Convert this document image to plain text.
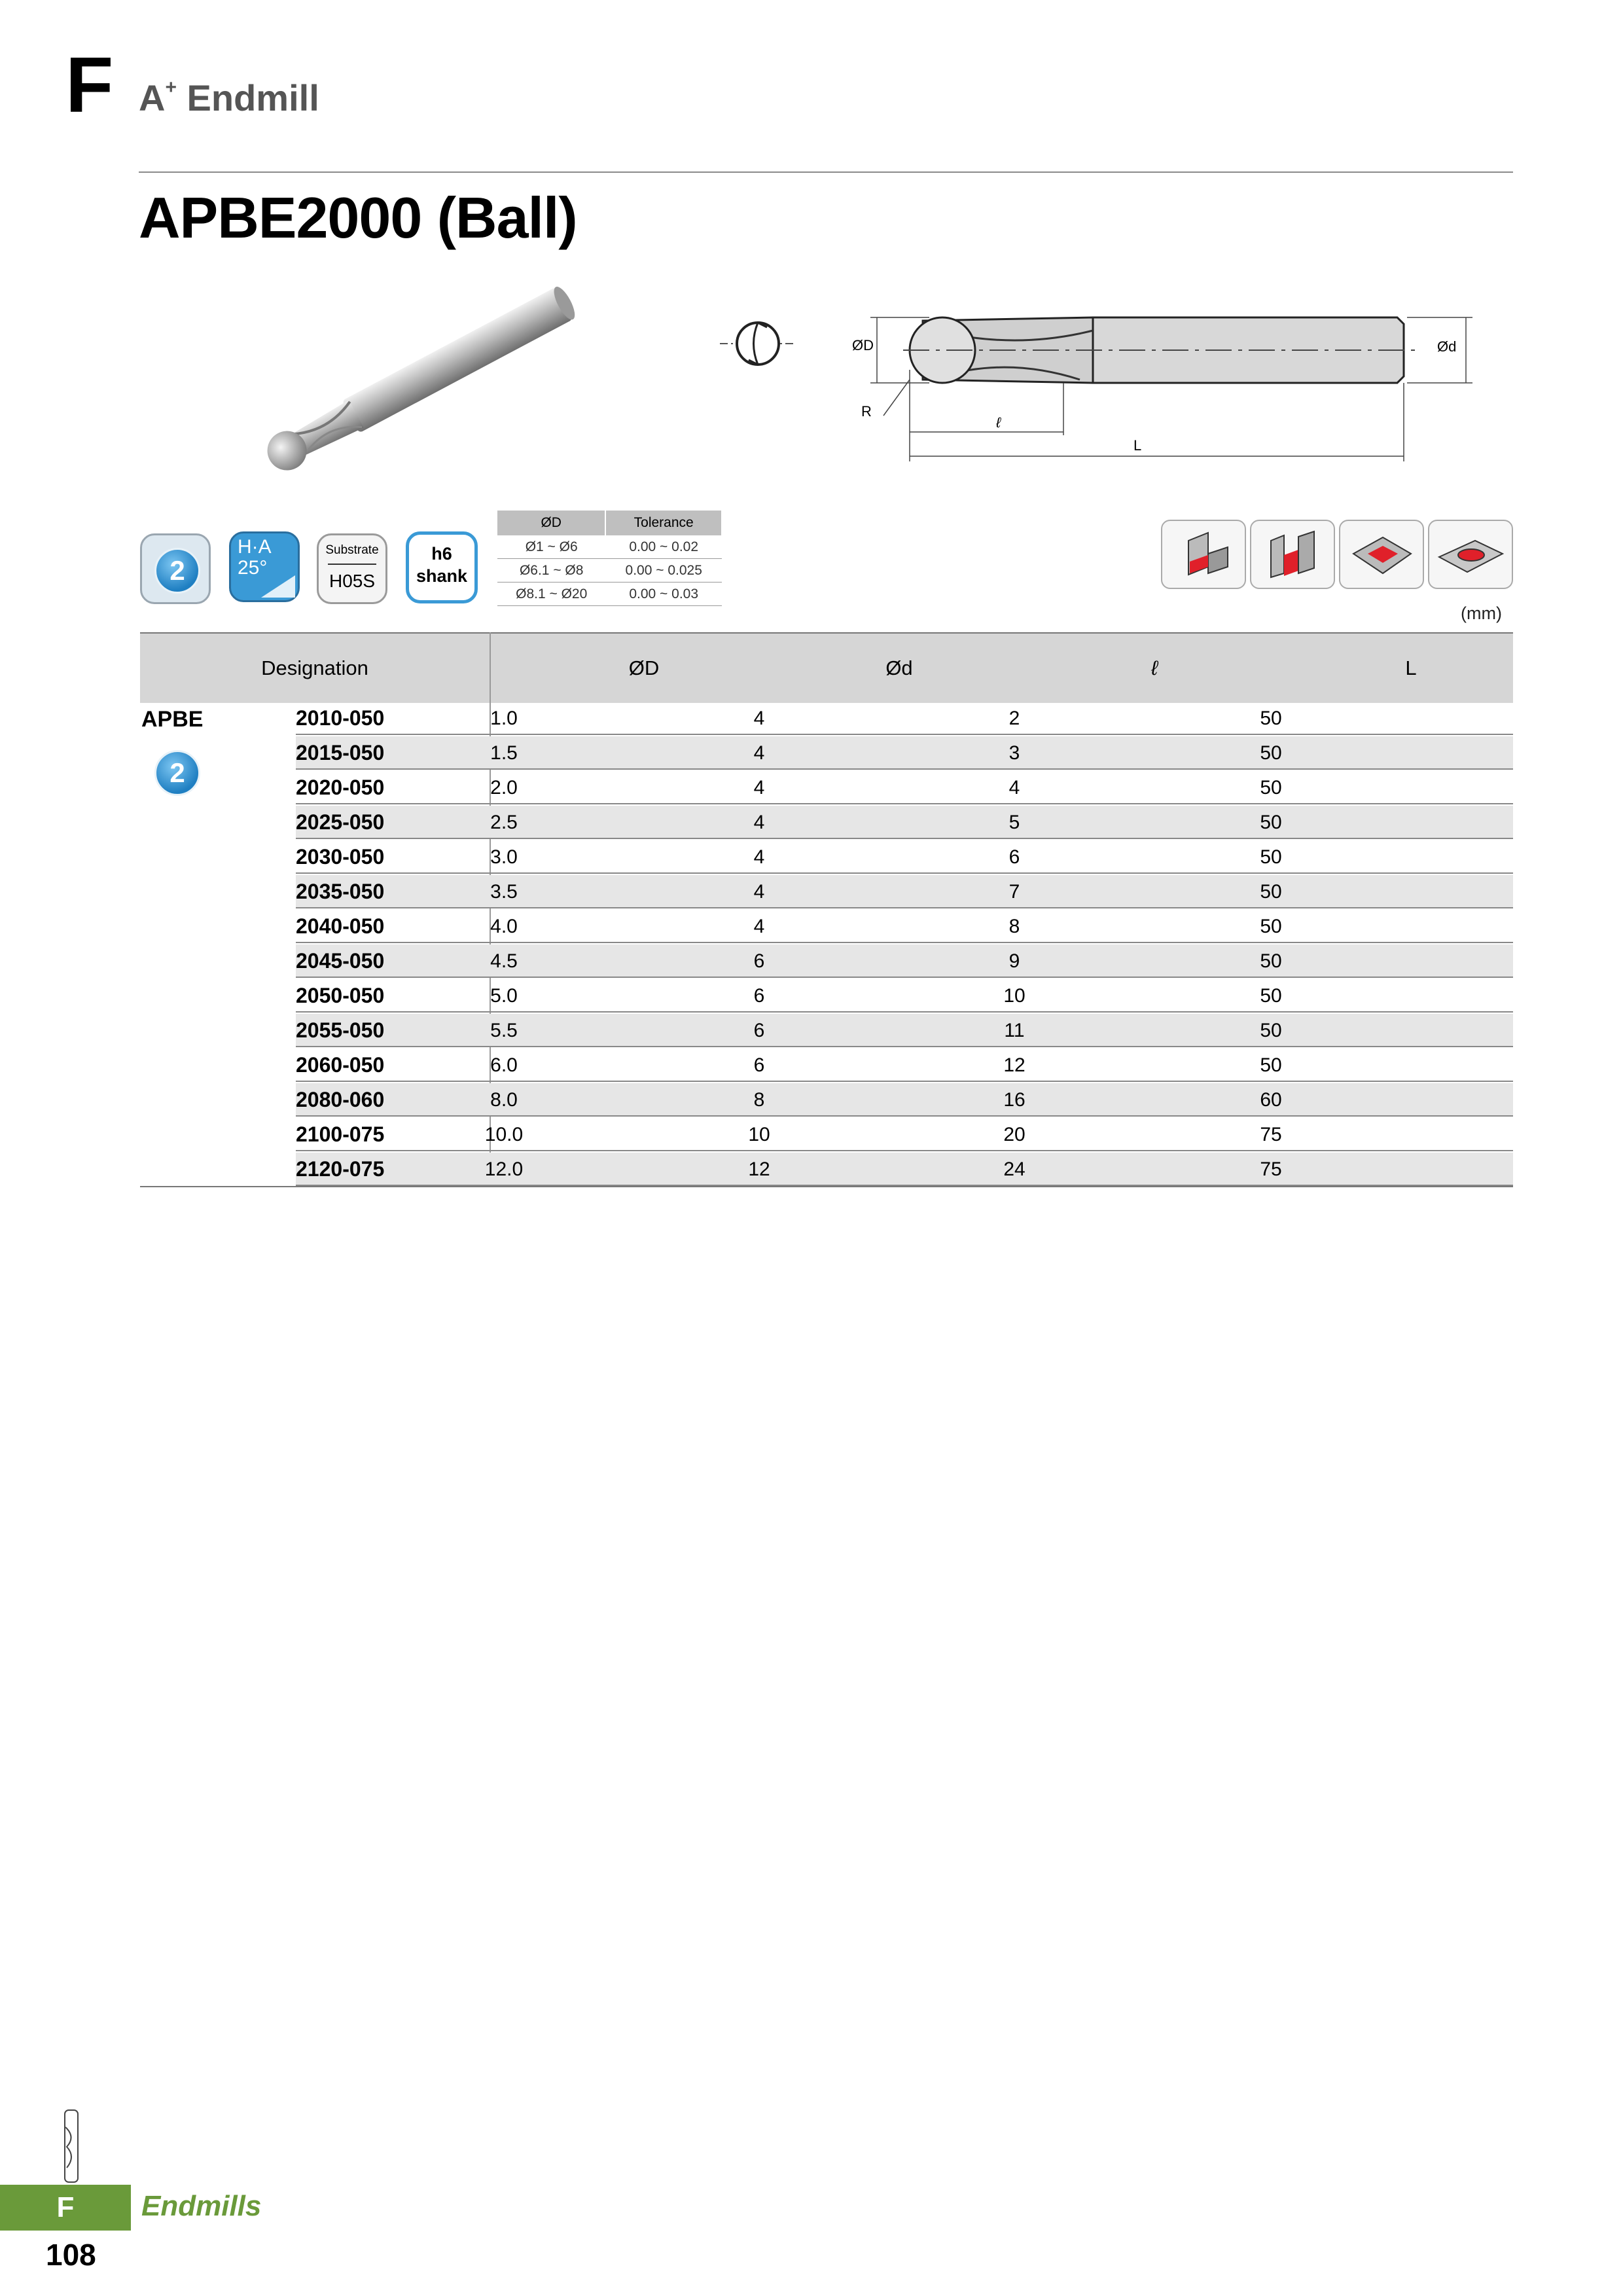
F A+ Endmill
APBE2000 (Ball)
ØD	Ød
R
ℓ
L
2
H·A
25°
Substrate
H05S
h6
shank
ØD	Tolerance
Ø1 ~ Ø6	0.00 ~ 0.02
Ø6.1 ~ Ø8	0.00 ~ 0.025
Ø8.1 ~ Ø20	0.00 ~ 0.03
(mm)
Designation	ØD	Ød	ℓ	L
APBE
2
2010-050	1.0	4	2	50
2015-050	1.5	4	3	50
2020-050	2.0	4	4	50
2025-050	2.5	4	5	50
2030-050	3.0	4	6	50
2035-050	3.5	4	7	50
2040-050	4.0	4	8	50
2045-050	4.5	6	9	50
2050-050	5.0	6	10	50
2055-050	5.5	6	11	50
2060-050	6.0	6	12	50
2080-060	8.0	8	16	60
2100-075	10.0	10	20	75
2120-075	12.0	12	24	75
F	Endmills
108
